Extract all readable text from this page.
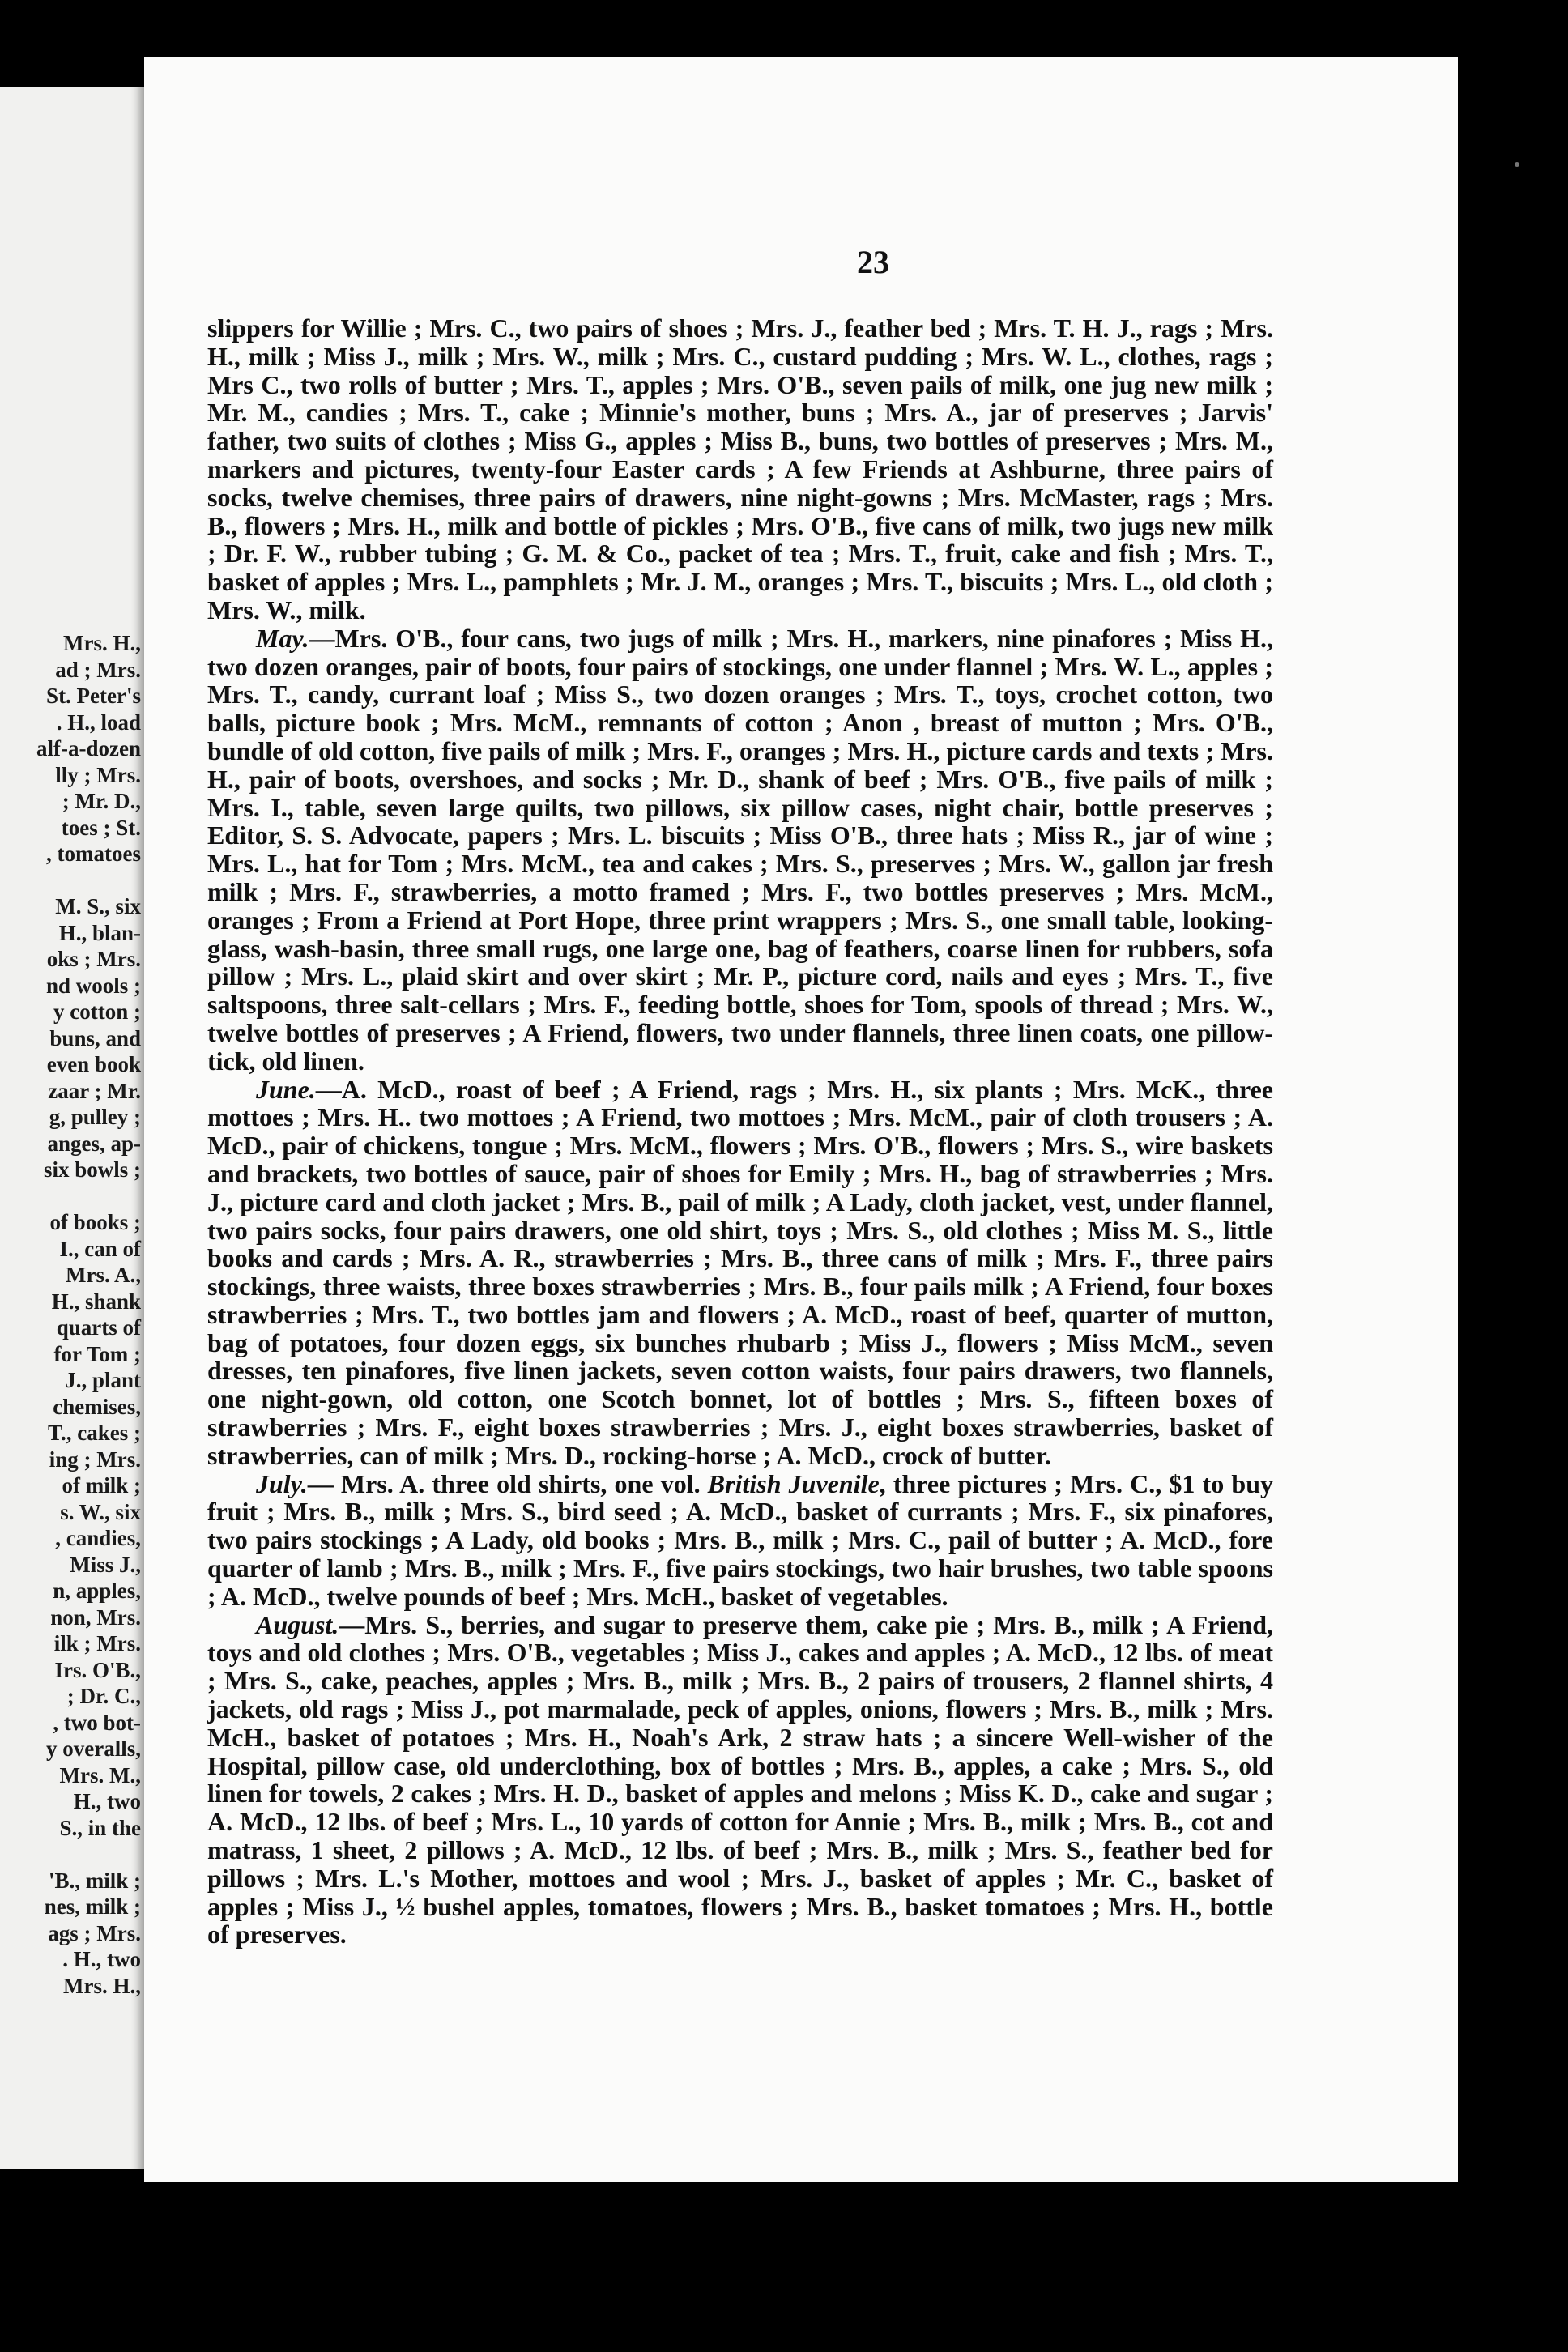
Mrs. H.,
ad ; Mrs.
St. Peter's
. H., load
alf-a-dozen
lly ; Mrs.
; Mr. D.,
toes ; St.
, tomatoes
M. S., six
H., blan-
oks ; Mrs.
nd wools ;
y cotton ;
buns, and
even book
zaar ; Mr.
g, pulley ;
anges, ap-
six bowls ;
of books ;
I., can of
Mrs. A.,
H., shank
quarts of
for Tom ;
J., plant
chemises,
T., cakes ;
ing ; Mrs.
of milk ;
s. W., six
, candies,
Miss J.,
n, apples,
non, Mrs.
ilk ; Mrs.
Irs. O'B.,
; Dr. C.,
, two bot-
y overalls,
Mrs. M.,
H., two
S., in the
'B., milk ;
nes, milk ;
ags ; Mrs.
. H., two
Mrs. H.,
23

slippers for Willie ; Mrs. C., two pairs of shoes ; Mrs. J., feather bed ; Mrs. T. H. J., rags ; Mrs. H., milk ; Miss J., milk ; Mrs. W., milk ; Mrs. C., custard pudding ; Mrs. W. L., clothes, rags ; Mrs C., two rolls of butter ; Mrs. T., apples ; Mrs. O'B., seven pails of milk, one jug new milk ; Mr. M., candies ; Mrs. T., cake ; Minnie's mother, buns ; Mrs. A., jar of preserves ; Jarvis' father, two suits of clothes ; Miss G., apples ; Miss B., buns, two bottles of preserves ; Mrs. M., markers and pictures, twenty-four Easter cards ; A few Friends at Ashburne, three pairs of socks, twelve chemises, three pairs of drawers, nine night-gowns ; Mrs. McMaster, rags ; Mrs. B., flowers ; Mrs. H., milk and bottle of pickles ; Mrs. O'B., five cans of milk, two jugs new milk ; Dr. F. W., rubber tubing ; G. M. & Co., packet of tea ; Mrs. T., fruit, cake and fish ; Mrs. T., basket of apples ; Mrs. L., pamphlets ; Mr. J. M., oranges ; Mrs. T., biscuits ; Mrs. L., old cloth ; Mrs. W., milk.

May.—Mrs. O'B., four cans, two jugs of milk ; Mrs. H., markers, nine pinafores ; Miss H., two dozen oranges, pair of boots, four pairs of stockings, one under flannel ; Mrs. W. L., apples ; Mrs. T., candy, currant loaf ; Miss S., two dozen oranges ; Mrs. T., toys, crochet cotton, two balls, picture book ; Mrs. McM., remnants of cotton ; Anon , breast of mutton ; Mrs. O'B., bundle of old cotton, five pails of milk ; Mrs. F., oranges ; Mrs. H., picture cards and texts ; Mrs. H., pair of boots, overshoes, and socks ; Mr. D., shank of beef ; Mrs. O'B., five pails of milk ; Mrs. I., table, seven large quilts, two pillows, six pillow cases, night chair, bottle preserves ; Editor, S. S. Advocate, papers ; Mrs. L. biscuits ; Miss O'B., three hats ; Miss R., jar of wine ; Mrs. L., hat for Tom ; Mrs. McM., tea and cakes ; Mrs. S., preserves ; Mrs. W., gallon jar fresh milk ; Mrs. F., strawberries, a motto framed ; Mrs. F., two bottles preserves ; Mrs. McM., oranges ; From a Friend at Port Hope, three print wrappers ; Mrs. S., one small table, looking-glass, wash-basin, three small rugs, one large one, bag of feathers, coarse linen for rubbers, sofa pillow ; Mrs. L., plaid skirt and over skirt ; Mr. P., picture cord, nails and eyes ; Mrs. T., five saltspoons, three salt-cellars ; Mrs. F., feeding bottle, shoes for Tom, spools of thread ; Mrs. W., twelve bottles of preserves ; A Friend, flowers, two under flannels, three linen coats, one pillow-tick, old linen.

June.—A. McD., roast of beef ; A Friend, rags ; Mrs. H., six plants ; Mrs. McK., three mottoes ; Mrs. H.. two mottoes ; A Friend, two mottoes ; Mrs. McM., pair of cloth trousers ; A. McD., pair of chickens, tongue ; Mrs. McM., flowers ; Mrs. O'B., flowers ; Mrs. S., wire baskets and brackets, two bottles of sauce, pair of shoes for Emily ; Mrs. H., bag of strawberries ; Mrs. J., picture card and cloth jacket ; Mrs. B., pail of milk ; A Lady, cloth jacket, vest, under flannel, two pairs socks, four pairs drawers, one old shirt, toys ; Mrs. S., old clothes ; Miss M. S., little books and cards ; Mrs. A. R., strawberries ; Mrs. B., three cans of milk ; Mrs. F., three pairs stockings, three waists, three boxes strawberries ; Mrs. B., four pails milk ; A Friend, four boxes strawberries ; Mrs. T., two bottles jam and flowers ; A. McD., roast of beef, quarter of mutton, bag of potatoes, four dozen eggs, six bunches rhubarb ; Miss J., flowers ; Miss McM., seven dresses, ten pinafores, five linen jackets, seven cotton waists, four pairs drawers, two flannels, one night-gown, old cotton, one Scotch bonnet, lot of bottles ; Mrs. S., fifteen boxes of strawberries ; Mrs. F., eight boxes strawberries ; Mrs. J., eight boxes strawberries, basket of strawberries, can of milk ; Mrs. D., rocking-horse ; A. McD., crock of butter.

July.— Mrs. A. three old shirts, one vol. British Juvenile, three pictures ; Mrs. C., $1 to buy fruit ; Mrs. B., milk ; Mrs. S., bird seed ; A. McD., basket of currants ; Mrs. F., six pinafores, two pairs stockings ; A Lady, old books ; Mrs. B., milk ; Mrs. C., pail of butter ; A. McD., fore quarter of lamb ; Mrs. B., milk ; Mrs. F., five pairs stockings, two hair brushes, two table spoons ; A. McD., twelve pounds of beef ; Mrs. McH., basket of vegetables.

August.—Mrs. S., berries, and sugar to preserve them, cake pie ; Mrs. B., milk ; A Friend, toys and old clothes ; Mrs. O'B., vegetables ; Miss J., cakes and apples ; A. McD., 12 lbs. of meat ; Mrs. S., cake, peaches, apples ; Mrs. B., milk ; Mrs. B., 2 pairs of trousers, 2 flannel shirts, 4 jackets, old rags ; Miss J., pot marmalade, peck of apples, onions, flowers ; Mrs. B., milk ; Mrs. McH., basket of potatoes ; Mrs. H., Noah's Ark, 2 straw hats ; a sincere Well-wisher of the Hospital, pillow case, old underclothing, box of bottles ; Mrs. B., apples, a cake ; Mrs. S., old linen for towels, 2 cakes ; Mrs. H. D., basket of apples and melons ; Miss K. D., cake and sugar ; A. McD., 12 lbs. of beef ; Mrs. L., 10 yards of cotton for Annie ; Mrs. B., milk ; Mrs. B., cot and matrass, 1 sheet, 2 pillows ; A. McD., 12 lbs. of beef ; Mrs. B., milk ; Mrs. S., feather bed for pillows ; Mrs. L.'s Mother, mottoes and wool ; Mrs. J., basket of apples ; Mr. C., basket of apples ; Miss J., ½ bushel apples, tomatoes, flowers ; Mrs. B., basket tomatoes ; Mrs. H., bottle of preserves.
